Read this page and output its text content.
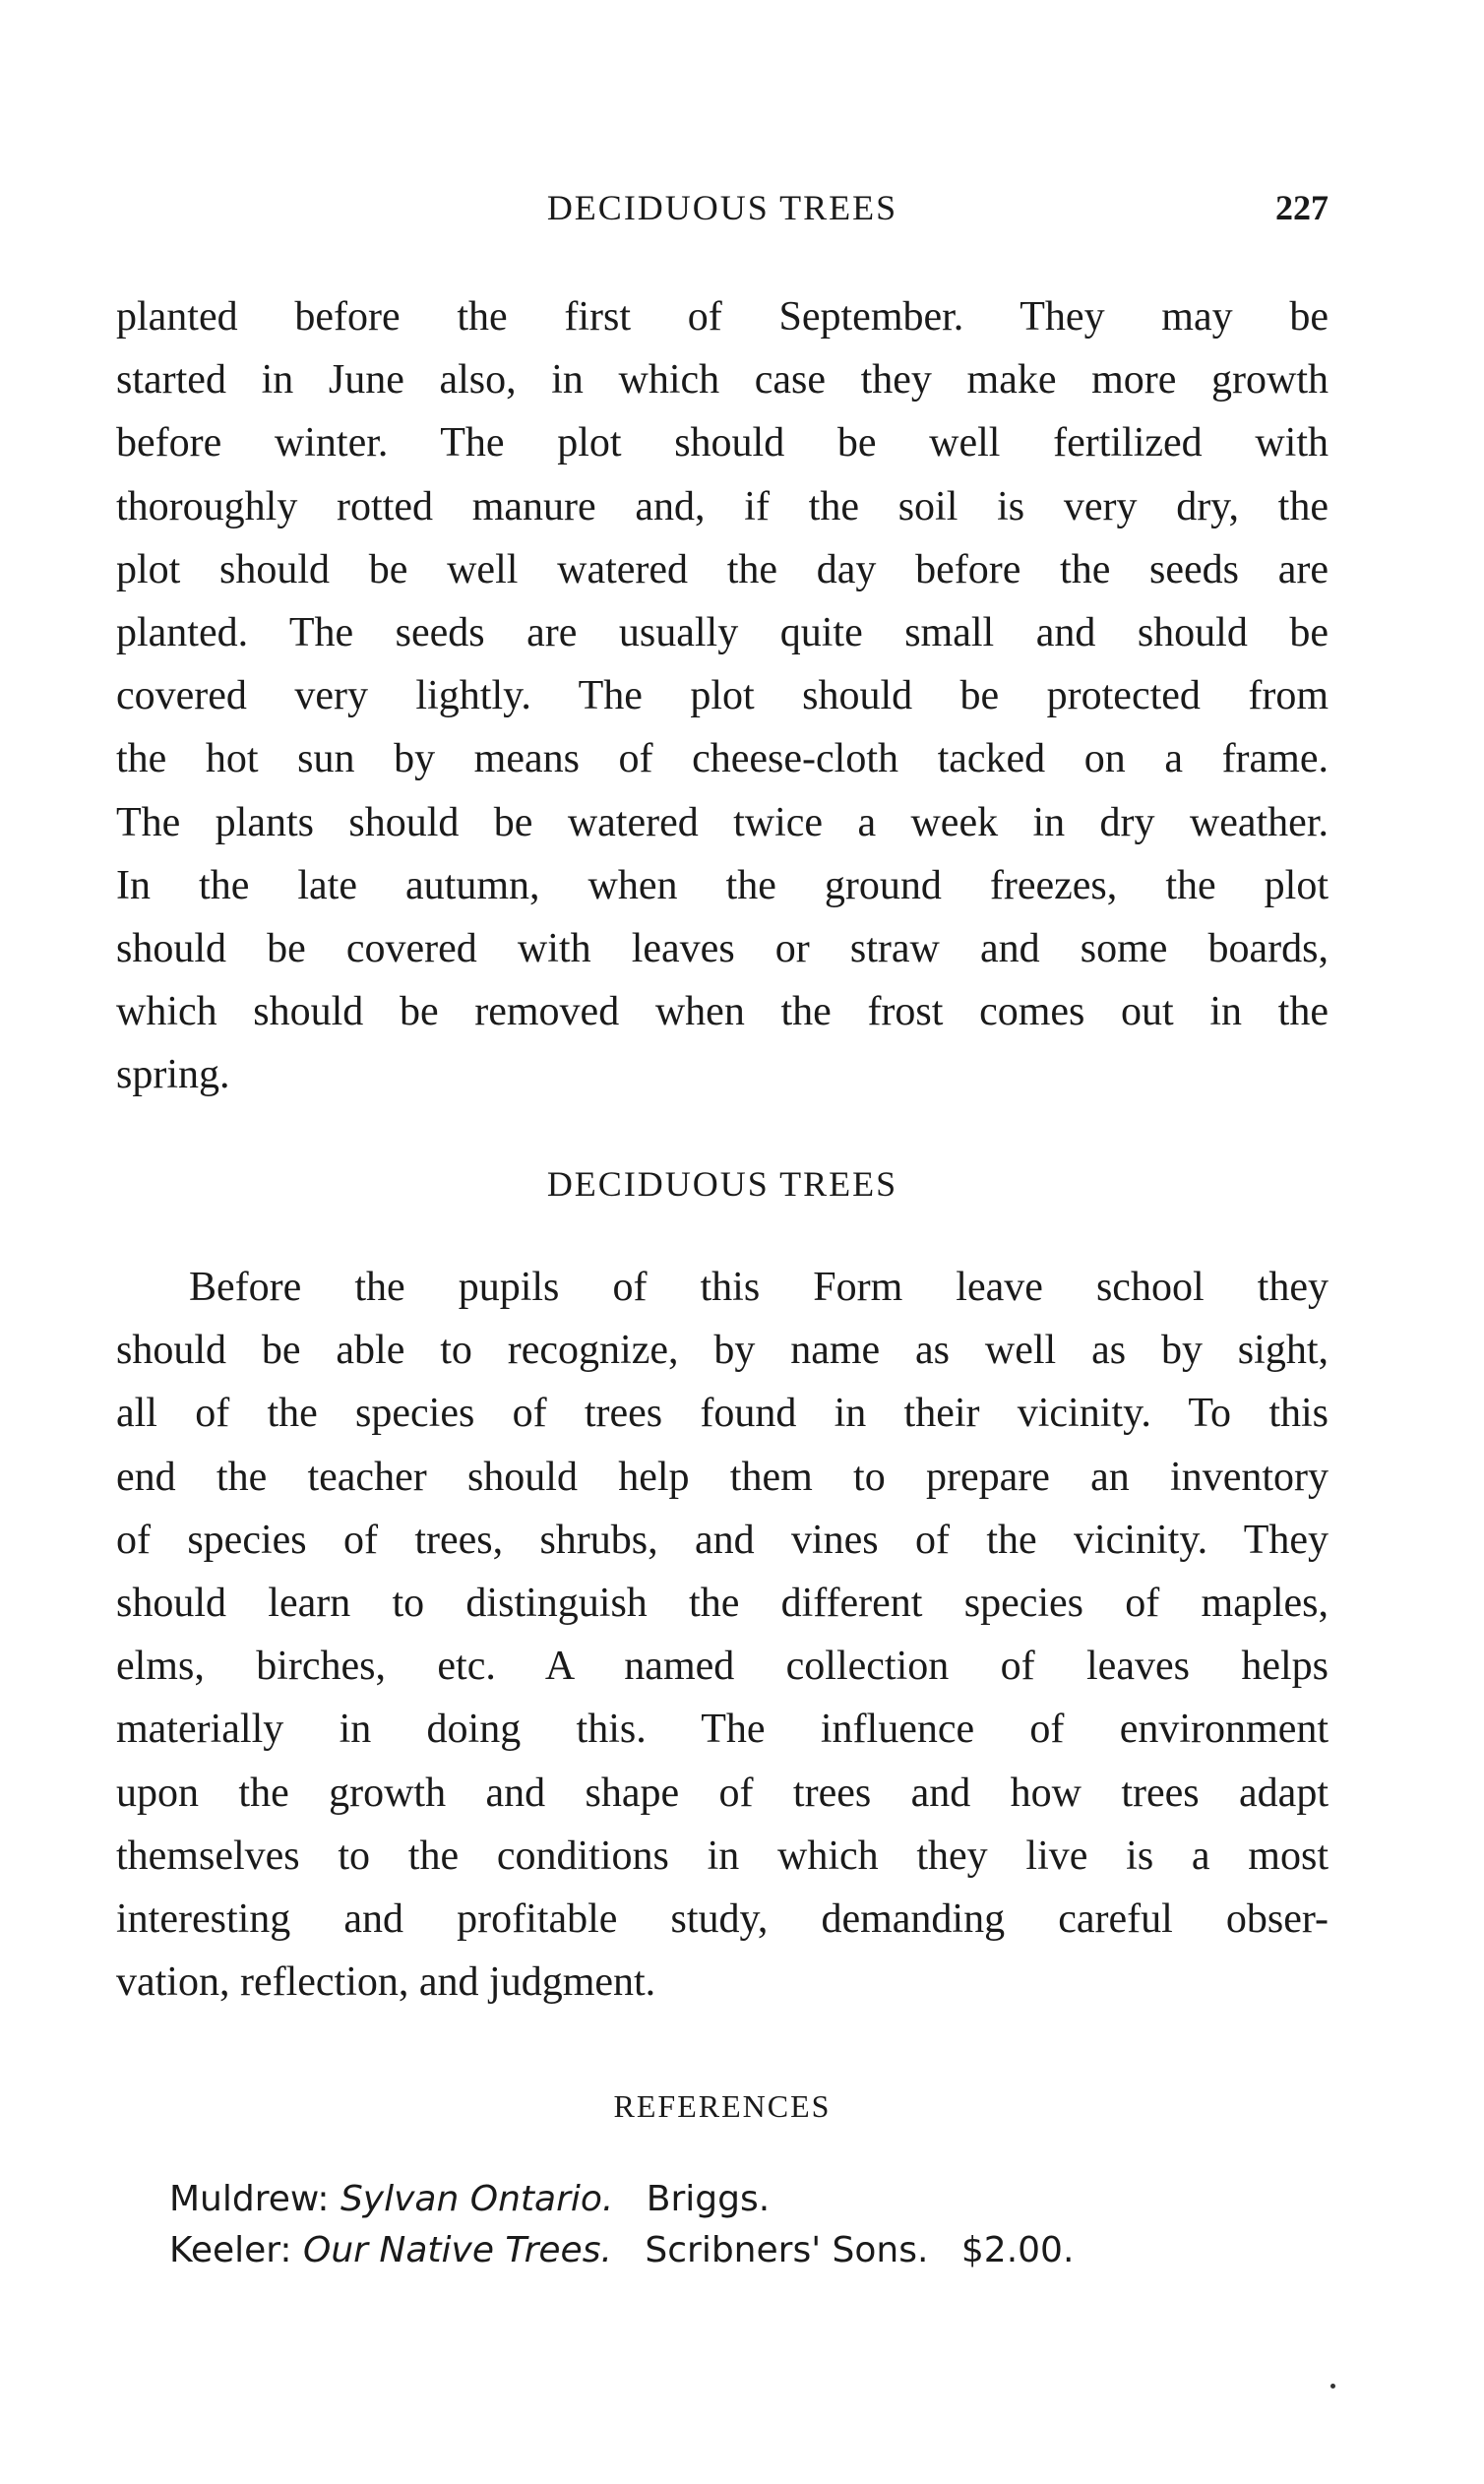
DECIDUOUS TREES	227

planted before the first of September. They may be
started in June also, in which case they make more growth
before winter. The plot should be well fertilized with
thoroughly rotted manure and, if the soil is very dry, the
plot should be well watered the day before the seeds are
planted. The seeds are usually quite small and should be
covered very lightly. The plot should be protected from
the hot sun by means of cheese-cloth tacked on a frame.
The plants should be watered twice a week in dry weather.
In the late autumn, when the ground freezes, the plot
should be covered with leaves or straw and some boards,
which should be removed when the frost comes out in the
spring.

DECIDUOUS TREES

Before the pupils of this Form leave school they
should be able to recognize, by name as well as by sight,
all of the species of trees found in their vicinity. To this
end the teacher should help them to prepare an inventory
of species of trees, shrubs, and vines of the vicinity. They
should learn to distinguish the different species of maples,
elms, birches, etc. A named collection of leaves helps
materially in doing this. The influence of environment
upon the growth and shape of trees and how trees adapt
themselves to the conditions in which they live is a most
interesting and profitable study, demanding careful obser-
vation, reflection, and judgment.

REFERENCES
Muldrew: Sylvan Ontario. Briggs.
Keeler: Our Native Trees. Scribners' Sons. $2.00.
